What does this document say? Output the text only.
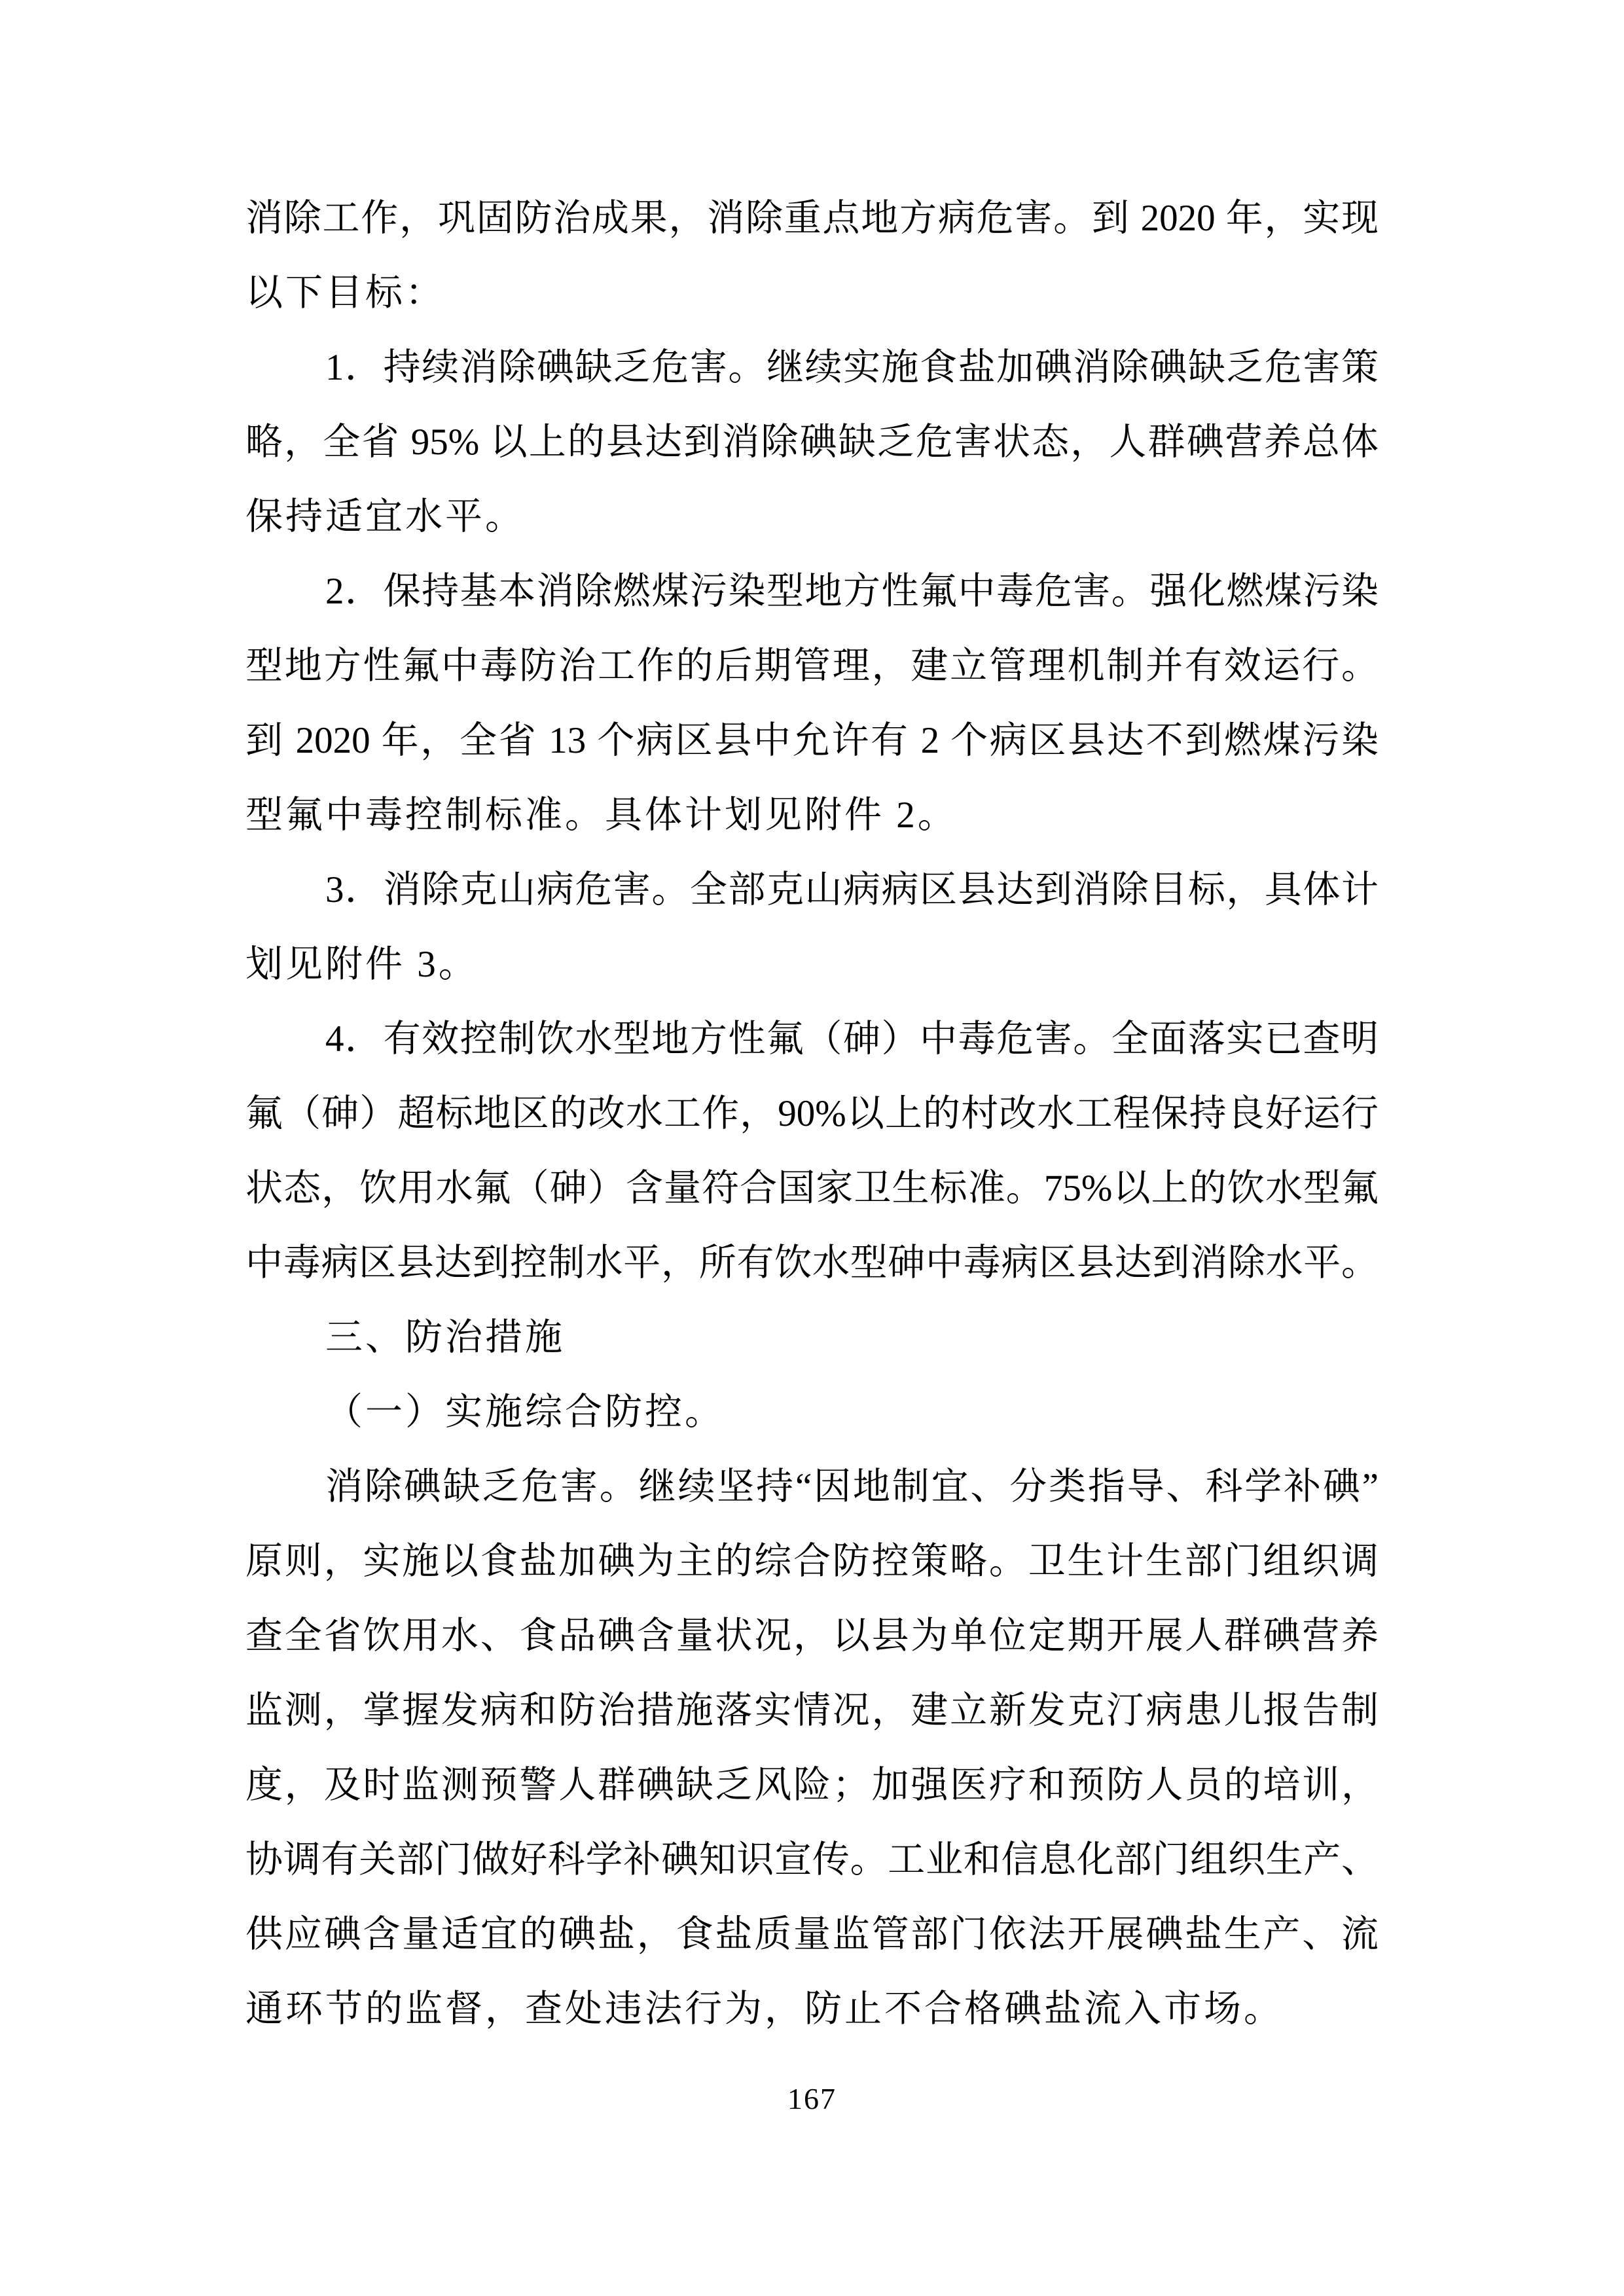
消除工作，巩固防治成果，消除重点地方病危害。到 2020 年，实现
以下目标：
1．持续消除碘缺乏危害。继续实施食盐加碘消除碘缺乏危害策
略，全省 95% 以上的县达到消除碘缺乏危害状态，人群碘营养总体
保持适宜水平。
2．保持基本消除燃煤污染型地方性氟中毒危害。强化燃煤污染
型地方性氟中毒防治工作的后期管理，建立管理机制并有效运行。
到 2020 年，全省 13 个病区县中允许有 2 个病区县达不到燃煤污染
型氟中毒控制标准。具体计划见附件 2。
3．消除克山病危害。全部克山病病区县达到消除目标，具体计
划见附件 3。
4．有效控制饮水型地方性氟（砷）中毒危害。全面落实已查明
氟（砷）超标地区的改水工作，90%以上的村改水工程保持良好运行
状态，饮用水氟（砷）含量符合国家卫生标准。75%以上的饮水型氟
中毒病区县达到控制水平，所有饮水型砷中毒病区县达到消除水平。
三、防治措施
（一）实施综合防控。
消除碘缺乏危害。继续坚持“因地制宜、分类指导、科学补碘”
原则，实施以食盐加碘为主的综合防控策略。卫生计生部门组织调
查全省饮用水、食品碘含量状况，以县为单位定期开展人群碘营养
监测，掌握发病和防治措施落实情况，建立新发克汀病患儿报告制
度，及时监测预警人群碘缺乏风险；加强医疗和预防人员的培训，
协调有关部门做好科学补碘知识宣传。工业和信息化部门组织生产、
供应碘含量适宜的碘盐，食盐质量监管部门依法开展碘盐生产、流
通环节的监督，查处违法行为，防止不合格碘盐流入市场。
167
